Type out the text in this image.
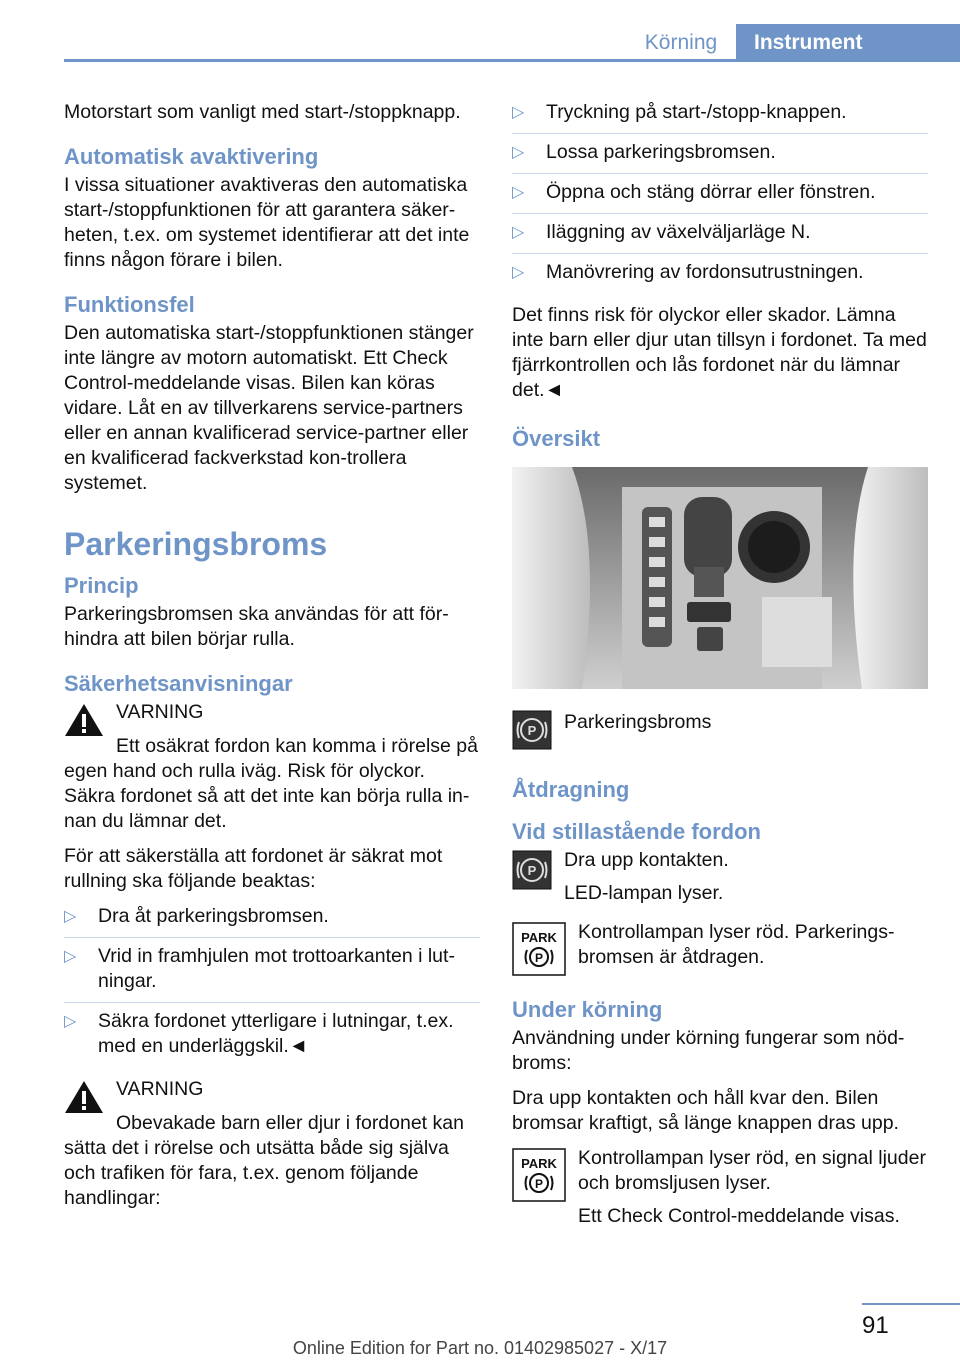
Körning	Instrument

Motorstart som vanligt med start-/stoppknapp.

Automatisk avaktivering

I vissa situationer avaktiveras den automatiska start-/stoppfunktionen för att garantera säker-heten, t.ex. om systemet identifierar att det inte finns någon förare i bilen.

Funktionsfel

Den automatiska start-/stoppfunktionen stänger inte längre av motorn automatiskt. Ett Check Control-meddelande visas. Bilen kan köras vidare. Låt en av tillverkarens service-partners eller en annan kvalificerad service-partner eller en kvalificerad fackverkstad kon-trollera systemet.

Parkeringsbroms
Princip

Parkeringsbromsen ska användas för att för-hindra att bilen börjar rulla.

Säkerhetsanvisningar

VARNING

Ett osäkrat fordon kan komma i rörelse på egen hand och rulla iväg. Risk för olyckor. Säkra fordonet så att det inte kan börja rulla in-nan du lämnar det.

För att säkerställa att fordonet är säkrat mot rullning ska följande beaktas:

▷ Dra åt parkeringsbromsen.
▷ Vrid in framhjulen mot trottoarkanten i lut-ningar.
▷ Säkra fordonet ytterligare i lutningar, t.ex. med en underläggskil.◄

VARNING

Obevakade barn eller djur i fordonet kan sätta det i rörelse och utsätta både sig själva och trafiken för fara, t.ex. genom följande handlingar:

▷ Tryckning på start-/stopp-knappen.
▷ Lossa parkeringsbromsen.
▷ Öppna och stäng dörrar eller fönstren.
▷ Iläggning av växelväljarläge N.
▷ Manövrering av fordonsutrustningen.

Det finns risk för olyckor eller skador. Lämna inte barn eller djur utan tillsyn i fordonet. Ta med fjärrkontrollen och lås fordonet när du lämnar det.◄

Översikt
P Parkeringsbroms

Åtdragning
Vid stillastående fordon
P Dra upp kontakten.

LED-lampan lyser.

PARK
P

Kontrollampan lyser röd. Parkerings-bromsen är åtdragen.

Under körning

Användning under körning fungerar som nöd-broms:

Dra upp kontakten och håll kvar den. Bilen bromsar kraftigt, så länge knappen dras upp.

PARK
P

Kontrollampan lyser röd, en signal ljuder och bromsljusen lyser.

Ett Check Control-meddelande visas.

91
Online Edition for Part no. 01402985027 - X/17
